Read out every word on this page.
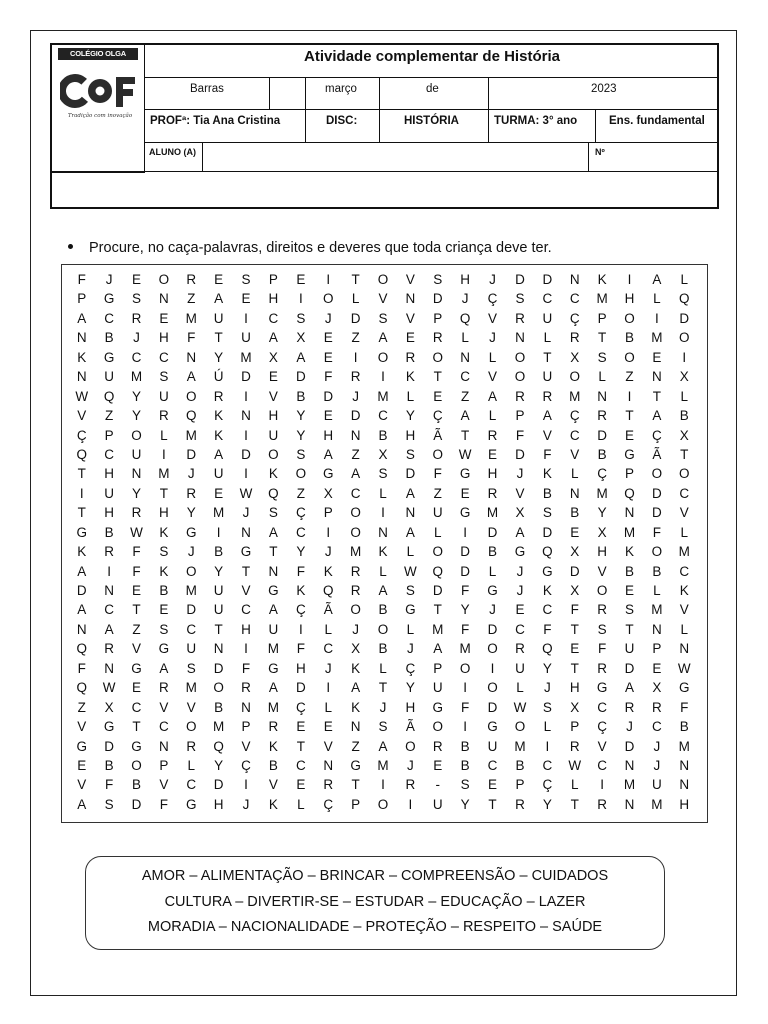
COLÉGIO OLGA FERNANDES
Tradição com inovação
Atividade complementar de História
Barras	março	de	2023
PROFª: Tia Ana Cristina	DISC:	HISTÓRIA	TURMA: 3° ano	Ens. fundamental
ALUNO (A)	Nº
Procure, no caça-palavras, direitos e deveres que toda criança deve ter.
F J E O R E S P E I T O V S H J D D N K I A L
P G S N Z A E H I O L V N D J Ç S C C M H L Q
A C R E M U I C S J D S V P Q V R U Ç P O I D
N B J H F T U A X E Z A E R L J N L R T B M O
K G C C N Y M X A E I O R O N L O T X S O E I
N U M S A Ú D E D F R I K T C V O U O L Z N X
W Q Y U O R I V B D J M L E Z A R R M N I T L
V Z Y R Q K N H Y E D C Y Ç A L P A Ç R T A B
Ç P O L M K I U Y H N B H Ã T R F V C D E Ç X
Q C U I D A D O S A Z X S O W E D F V B G Ã T
T H N M J U I K O G A S D F G H J K L Ç P O O
I U Y T R E W Q Z X C L A Z E R V B N M Q D C
T H R H Y M J S Ç P O I N U G M X S B Y N D V
G B W K G I N A C I O N A L I D A D E X M F L
K R F S J B G T Y J M K L O D B G Q X H K O M
A I F K O Y T N F K R L W Q D L J G D V B B C
D N E B M U V G K Q R A S D F G J K X O E L K
A C T E D U C A Ç Ã O B G T Y J E C F R S M V
N A Z S C T H U I L J O L M F D C F T S T N L
Q R V G U N I M F C X B J A M O R Q E F U P N
F N G A S D F G H J K L Ç P O I U Y T R D E W
Q W E R M O R A D I A T Y U I O L J H G A X G
Z X C V V B N M Ç L K J H G F D W S X C R R F
V G T C O M P R E E N S Ã O I G O L P Ç J C B
G D G N R Q V K T V Z A O R B U M I R V D J M
E B O P L Y Ç B C N G M J E B C B C W C N J N
V F B V C D I V E R T I R - S E P Ç L I M U N
A S D F G H J K L Ç P O I U Y T R Y T R N M H
AMOR – ALIMENTAÇÃO – BRINCAR – COMPREENSÃO – CUIDADOS
CULTURA – DIVERTIR-SE – ESTUDAR – EDUCAÇÃO – LAZER
MORADIA – NACIONALIDADE – PROTEÇÃO – RESPEITO – SAÚDE
